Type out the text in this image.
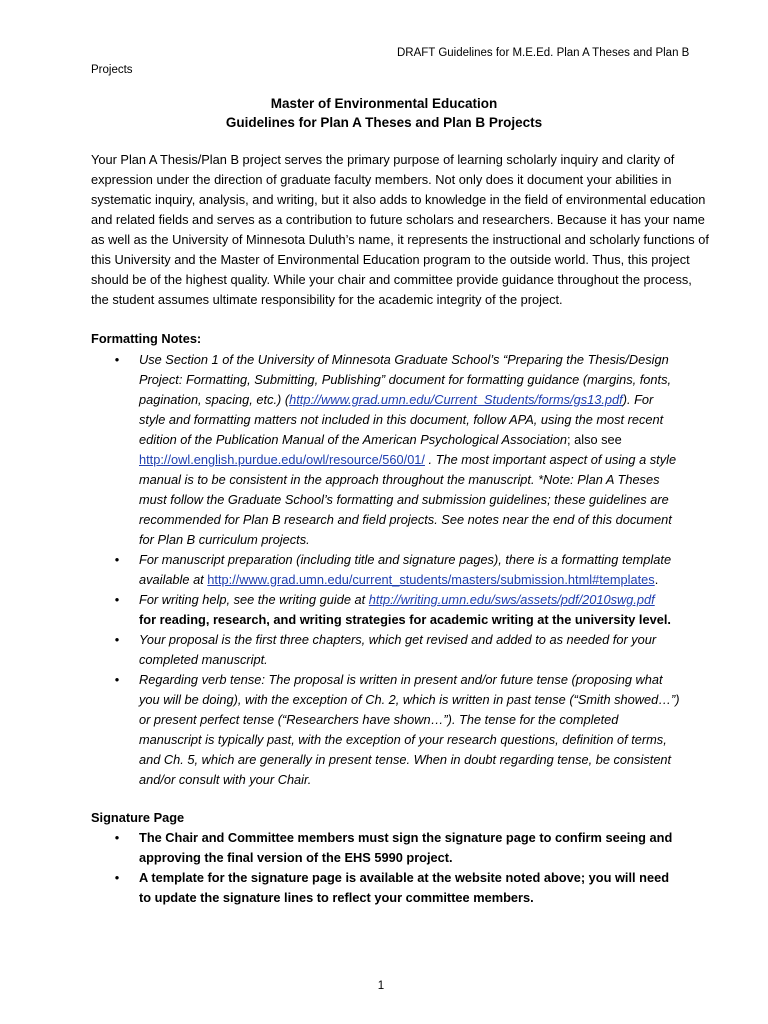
DRAFT Guidelines for M.E.Ed. Plan A Theses and Plan B
Projects
Master of Environmental Education
Guidelines for Plan A Theses and Plan B Projects

Your Plan A Thesis/Plan B project serves the primary purpose of learning scholarly inquiry and clarity of expression under the direction of graduate faculty members. Not only does it document your abilities in systematic inquiry, analysis, and writing, but it also adds to knowledge in the field of environmental education and related fields and serves as a contribution to future scholars and researchers. Because it has your name as well as the University of Minnesota Duluth’s name, it represents the instructional and scholarly functions of this University and the Master of Environmental Education program to the outside world. Thus, this project should be of the highest quality. While your chair and committee provide guidance throughout the process, the student assumes ultimate responsibility for the academic integrity of the project.

Formatting Notes:
• Use Section 1 of the University of Minnesota Graduate School’s “Preparing the Thesis/Design Project: Formatting, Submitting, Publishing” document for formatting guidance (margins, fonts, pagination, spacing, etc.) (http://www.grad.umn.edu/Current_Students/forms/gs13.pdf). For style and formatting matters not included in this document, follow APA, using the most recent edition of the Publication Manual of the American Psychological Association; also see http://owl.english.purdue.edu/owl/resource/560/01/ . The most important aspect of using a style manual is to be consistent in the approach throughout the manuscript. *Note: Plan A Theses must follow the Graduate School’s formatting and submission guidelines; these guidelines are recommended for Plan B research and field projects. See notes near the end of this document for Plan B curriculum projects.
• For manuscript preparation (including title and signature pages), there is a formatting template available at http://www.grad.umn.edu/current_students/masters/submission.html#templates.
• For writing help, see the writing guide at http://writing.umn.edu/sws/assets/pdf/2010swg.pdf
for reading, research, and writing strategies for academic writing at the university level.
• Your proposal is the first three chapters, which get revised and added to as needed for your completed manuscript.
• Regarding verb tense: The proposal is written in present and/or future tense (proposing what you will be doing), with the exception of Ch. 2, which is written in past tense (“Smith showed…”) or present perfect tense (“Researchers have shown…”). The tense for the completed manuscript is typically past, with the exception of your research questions, definition of terms, and Ch. 5, which are generally in present tense. When in doubt regarding tense, be consistent and/or consult with your Chair.
Signature Page
• The Chair and Committee members must sign the signature page to confirm seeing and approving the final version of the EHS 5990 project.
• A template for the signature page is available at the website noted above; you will need to update the signature lines to reflect your committee members.
1
